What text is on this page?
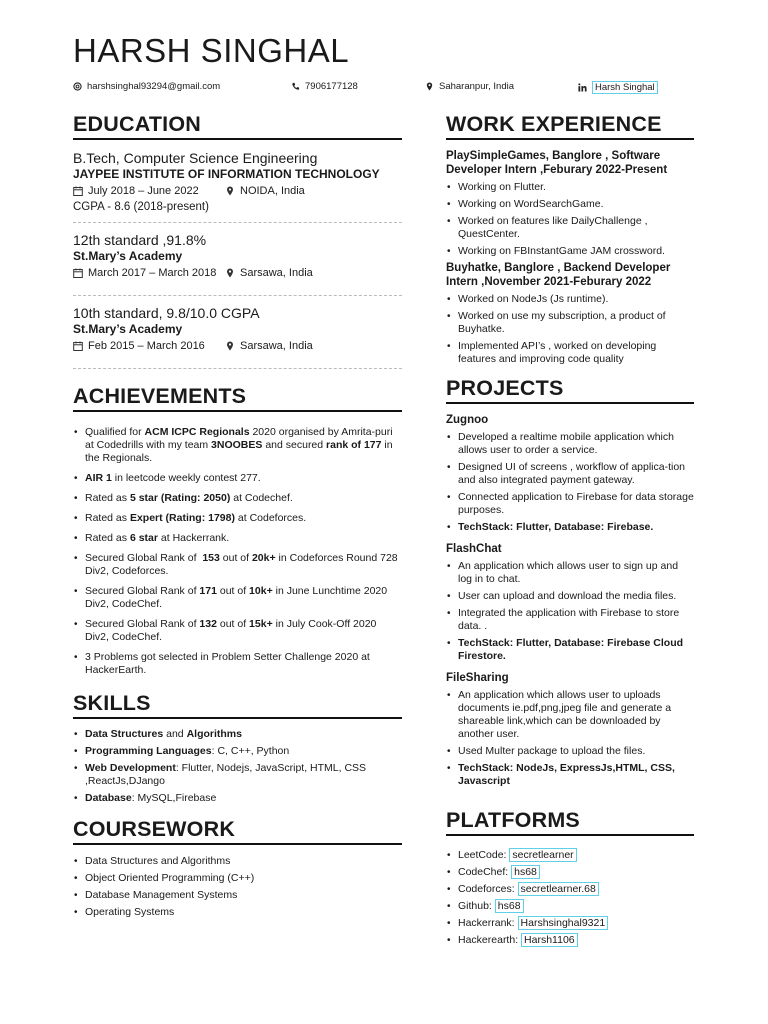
HARSH SINGHAL
harshsinghal93294@gmail.com	7906177128	Saharanpur, India	Harsh Singhal
EDUCATION

B.Tech, Computer Science Engineering

JAYPEE INSTITUTE OF INFORMATION TECHNOLOGY

July 2018 – June 2022	NOIDA, India
CGPA - 8.6 (2018-present)

12th standard ,91.8%

St.Mary’s Academy

March 2017 – March 2018 Sarsawa, India

10th standard, 9.8/10.0 CGPA

St.Mary’s Academy

Feb 2015 – March 2016	Sarsawa, India
ACHIEVEMENTS
• Qualified for ACM ICPC Regionals 2020 organised by Amrita-puri at Codedrills with my team 3NOOBES and secured rank of 177 in the Regionals.
• AIR 1 in leetcode weekly contest 277.
• Rated as 5 star (Rating: 2050) at Codechef.
• Rated as Expert (Rating: 1798) at Codeforces.
• Rated as 6 star at Hackerrank.
• Secured Global Rank of  153 out of 20k+ in Codeforces Round 728 Div2, Codeforces.
• Secured Global Rank of 171 out of 10k+ in June Lunchtime 2020 Div2, CodeChef.
• Secured Global Rank of 132 out of 15k+ in July Cook-Off 2020 Div2, CodeChef.
• 3 Problems got selected in Problem Setter Challenge 2020 at HackerEarth.
SKILLS
• Data Structures and Algorithms
• Programming Languages: C, C++, Python
• Web Development: Flutter, Nodejs, JavaScript, HTML, CSS ,ReactJs,DJango
• Database: MySQL,Firebase
COURSEWORK
• Data Structures and Algorithms
• Object Oriented Programming (C++)
• Database Management Systems
• Operating Systems
WORK EXPERIENCE

PlaySimpleGames, Banglore , Software Developer Intern ,Feburary 2022-Present

• Working on Flutter.
• Working on WordSearchGame.
• Worked on features like DailyChallenge , QuestCenter.
• Working on FBInstantGame JAM crossword.

Buyhatke, Banglore , Backend Developer Intern ,November 2021-Feburary 2022

• Worked on NodeJs (Js runtime).
• Worked on use my subscription, a product of Buyhatke.
• Implemented API’s , worked on developing features and improving code quality
PROJECTS

Zugnoo

• Developed a realtime mobile application which allows user to order a service.
• Designed UI of screens , workflow of applica-tion and also integrated payment gateway.
• Connected application to Firebase for data storage purposes.
• TechStack: Flutter, Database: Firebase.

FlashChat

• An application which allows user to sign up and log in to chat.
• User can upload and download the media files.
• Integrated the application with Firebase to store data. .
• TechStack: Flutter, Database: Firebase Cloud Firestore.

FileSharing

• An application which allows user to uploads documents ie.pdf,png,jpeg file and generate a shareable link,which can be downloaded by another user.
• Used Multer package to upload the files.
• TechStack: NodeJs, ExpressJs,HTML, CSS, Javascript
PLATFORMS
• LeetCode: secretlearner
• CodeChef: hs68
• Codeforces: secretlearner.68
• Github: hs68
• Hackerrank: Harshsinghal9321
• Hackerearth: Harsh1106
